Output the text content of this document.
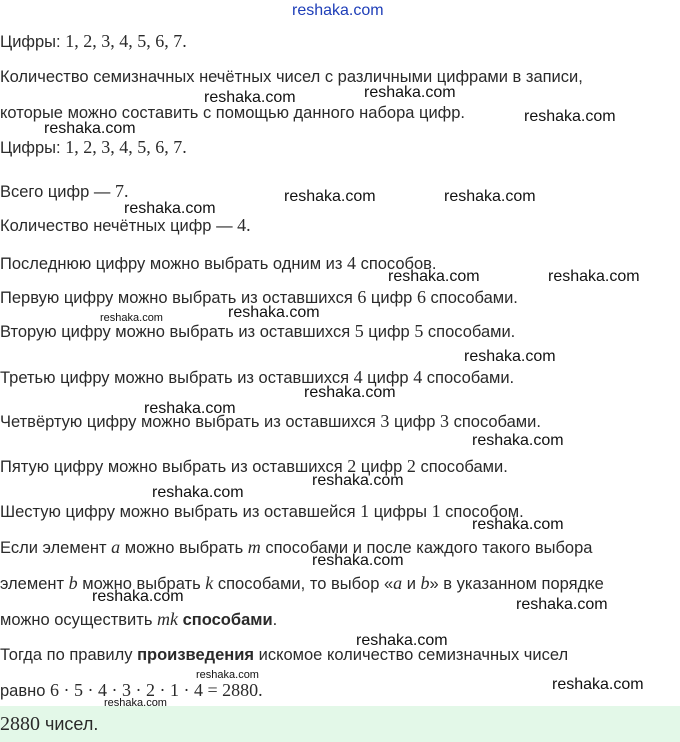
Цифры: 1, 2, 3, 4, 5, 6, 7.
Количество семизначных нечётных чисел с различными цифрами в записи,
которые можно составить с помощью данного набора цифр.
Цифры: 1, 2, 3, 4, 5, 6, 7.
Всего цифр — 7.
Количество нечётных цифр — 4.
Последнюю цифру можно выбрать одним из 4 способов.
Первую цифру можно выбрать из оставшихся 6 цифр 6 способами.
Вторую цифру можно выбрать из оставшихся 5 цифр 5 способами.
Третью цифру можно выбрать из оставшихся 4 цифр 4 способами.
Четвёртую цифру можно выбрать из оставшихся 3 цифр 3 способами.
Пятую цифру можно выбрать из оставшихся 2 цифр 2 способами.
Шестую цифру можно выбрать из оставшейся 1 цифры 1 способом.
Если элемент a можно выбрать m способами и после каждого такого выбора
элемент b можно выбрать k способами, то выбор «a и b» в указанном порядке
можно осуществить mk способами.
Тогда по правилу произведения искомое количество семизначных чисел
равно 6 · 5 · 4 · 3 · 2 · 1 · 4 = 2880.
2880 чисел.
reshaka.com
reshaka.com	reshaka.com
reshaka.com
reshaka.com
reshaka.com	reshaka.com
reshaka.com
reshaka.com	reshaka.com
reshaka.com
reshaka.com
reshaka.com
reshaka.com
reshaka.com
reshaka.com
reshaka.com
reshaka.com
reshaka.com
reshaka.com
reshaka.com	reshaka.com
reshaka.com
reshaka.com
reshaka.com
reshaka.com
